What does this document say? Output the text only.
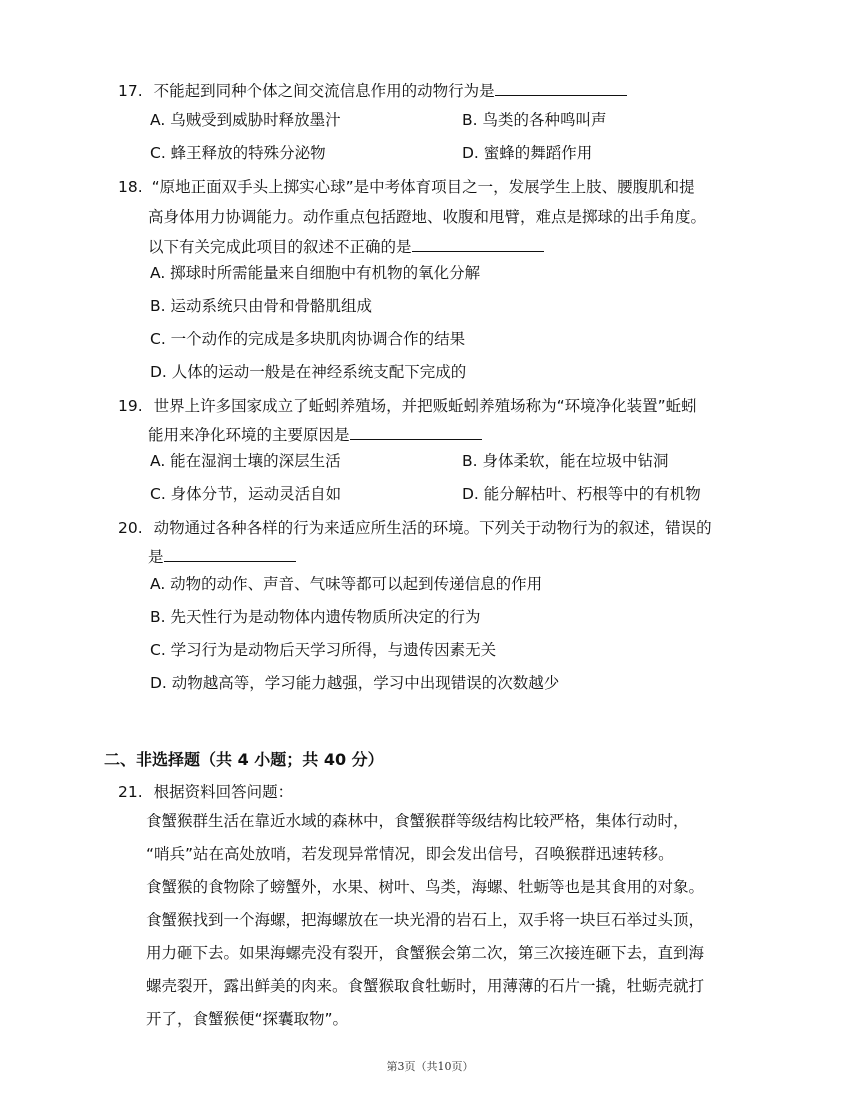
17. 不能起到同种个体之间交流信息作用的动物行为是
A. 乌贼受到威胁时释放墨汁	B. 鸟类的各种鸣叫声
C. 蜂王释放的特殊分泌物	D. 蜜蜂的舞蹈作用
18. “原地正面双手头上掷实心球”是中考体育项目之一，发展学生上肢、腰腹肌和提
高身体用力协调能力。动作重点包括蹬地、收腹和甩臂，难点是掷球的出手角度。
以下有关完成此项目的叙述不正确的是
A. 掷球时所需能量来自细胞中有机物的氧化分解
B. 运动系统只由骨和骨骼肌组成
C. 一个动作的完成是多块肌肉协调合作的结果
D. 人体的运动一般是在神经系统支配下完成的
19. 世界上许多国家成立了蚯蚓养殖场，并把贩蚯蚓养殖场称为“环境净化装置”蚯蚓
能用来净化环境的主要原因是
A. 能在湿润士壤的深层生活	B. 身体柔软，能在垃圾中钻洞
C. 身体分节，运动灵活自如	D. 能分解枯叶、朽根等中的有机物
20. 动物通过各种各样的行为来适应所生活的环境。下列关于动物行为的叙述，错误的
是
A. 动物的动作、声音、气味等都可以起到传递信息的作用
B. 先天性行为是动物体内遗传物质所决定的行为
C. 学习行为是动物后天学习所得，与遗传因素无关
D. 动物越高等，学习能力越强，学习中出现错误的次数越少
二、非选择题（共 4 小题；共 40 分）
21. 根据资料回答问题：
食蟹猴群生活在靠近水域的森林中，食蟹猴群等级结构比较严格，集体行动时，
“哨兵”站在高处放哨，若发现异常情况，即会发出信号，召唤猴群迅速转移。
食蟹猴的食物除了螃蟹外，水果、树叶、鸟类，海螺、牡蛎等也是其食用的对象。
食蟹猴找到一个海螺，把海螺放在一块光滑的岩石上，双手将一块巨石举过头顶，
用力砸下去。如果海螺壳没有裂开，食蟹猴会第二次，第三次接连砸下去，直到海
螺壳裂开，露出鲜美的肉来。食蟹猴取食牡蛎时，用薄薄的石片一撬，牡蛎壳就打
开了，食蟹猴便“探囊取物”。
第3页（共10页）
